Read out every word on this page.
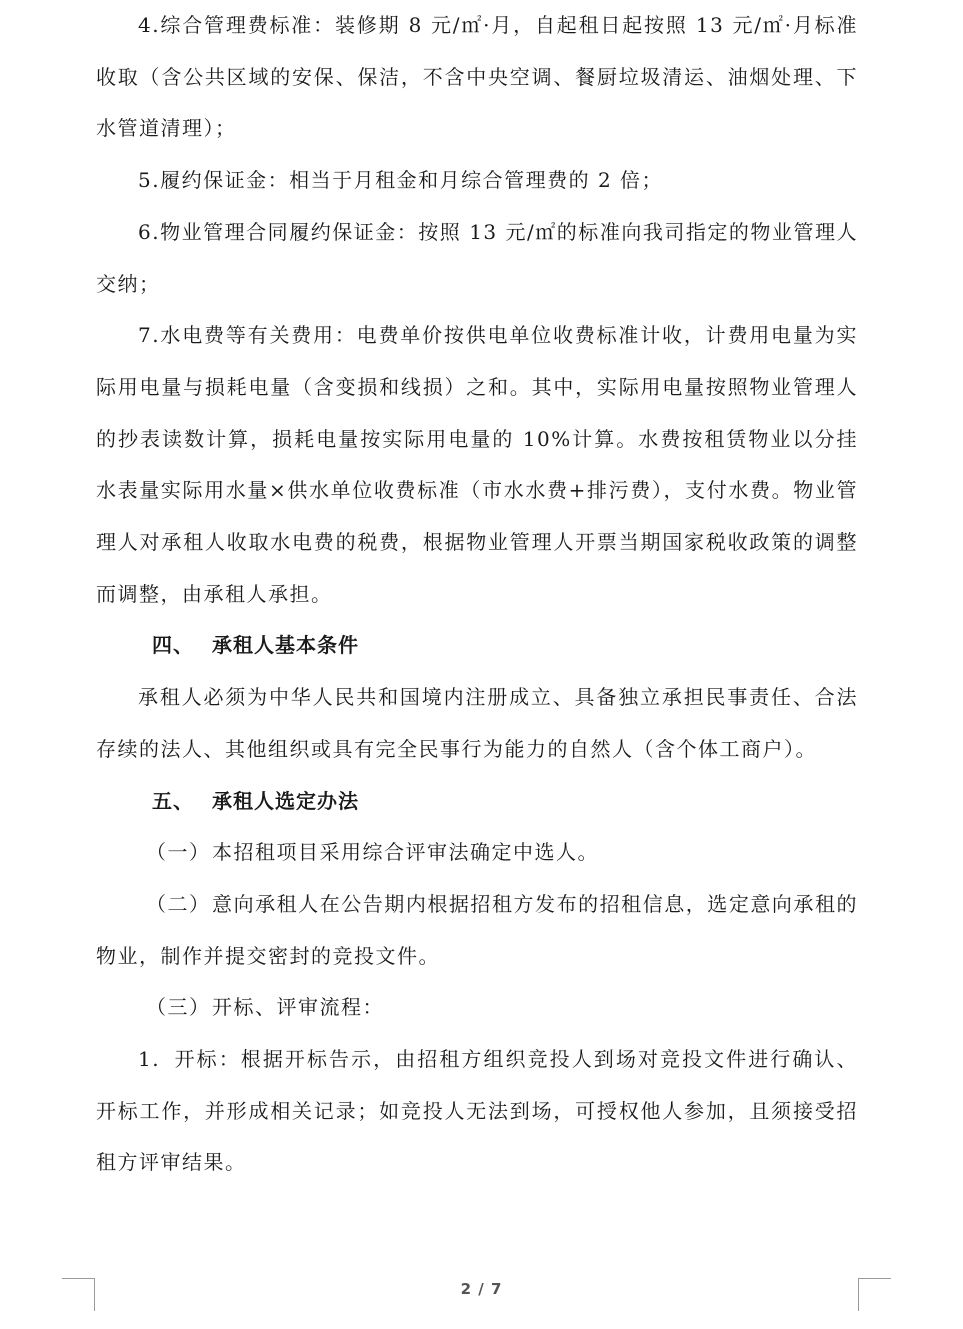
4.综合管理费标准：装修期 8 元/㎡·月，自起租日起按照 13 元/㎡·月标准收取（含公共区域的安保、保洁，不含中央空调、餐厨垃圾清运、油烟处理、下水管道清理）；

5.履约保证金：相当于月租金和月综合管理费的 2 倍；

6.物业管理合同履约保证金：按照 13 元/㎡的标准向我司指定的物业管理人交纳；

7.水电费等有关费用：电费单价按供电单位收费标准计收，计费用电量为实际用电量与损耗电量（含变损和线损）之和。其中，实际用电量按照物业管理人的抄表读数计算，损耗电量按实际用电量的 10%计算。水费按租赁物业以分挂水表量实际用水量×供水单位收费标准（市水水费+排污费），支付水费。物业管理人对承租人收取水电费的税费，根据物业管理人开票当期国家税收政策的调整而调整，由承租人承担。

四、 承租人基本条件

承租人必须为中华人民共和国境内注册成立、具备独立承担民事责任、合法存续的法人、其他组织或具有完全民事行为能力的自然人（含个体工商户）。

五、 承租人选定办法

（一）本招租项目采用综合评审法确定中选人。

（二）意向承租人在公告期内根据招租方发布的招租信息，选定意向承租的物业，制作并提交密封的竞投文件。

（三）开标、评审流程：

1. 开标：根据开标告示，由招租方组织竞投人到场对竞投文件进行确认、开标工作，并形成相关记录；如竞投人无法到场，可授权他人参加，且须接受招租方评审结果。

2 / 7
